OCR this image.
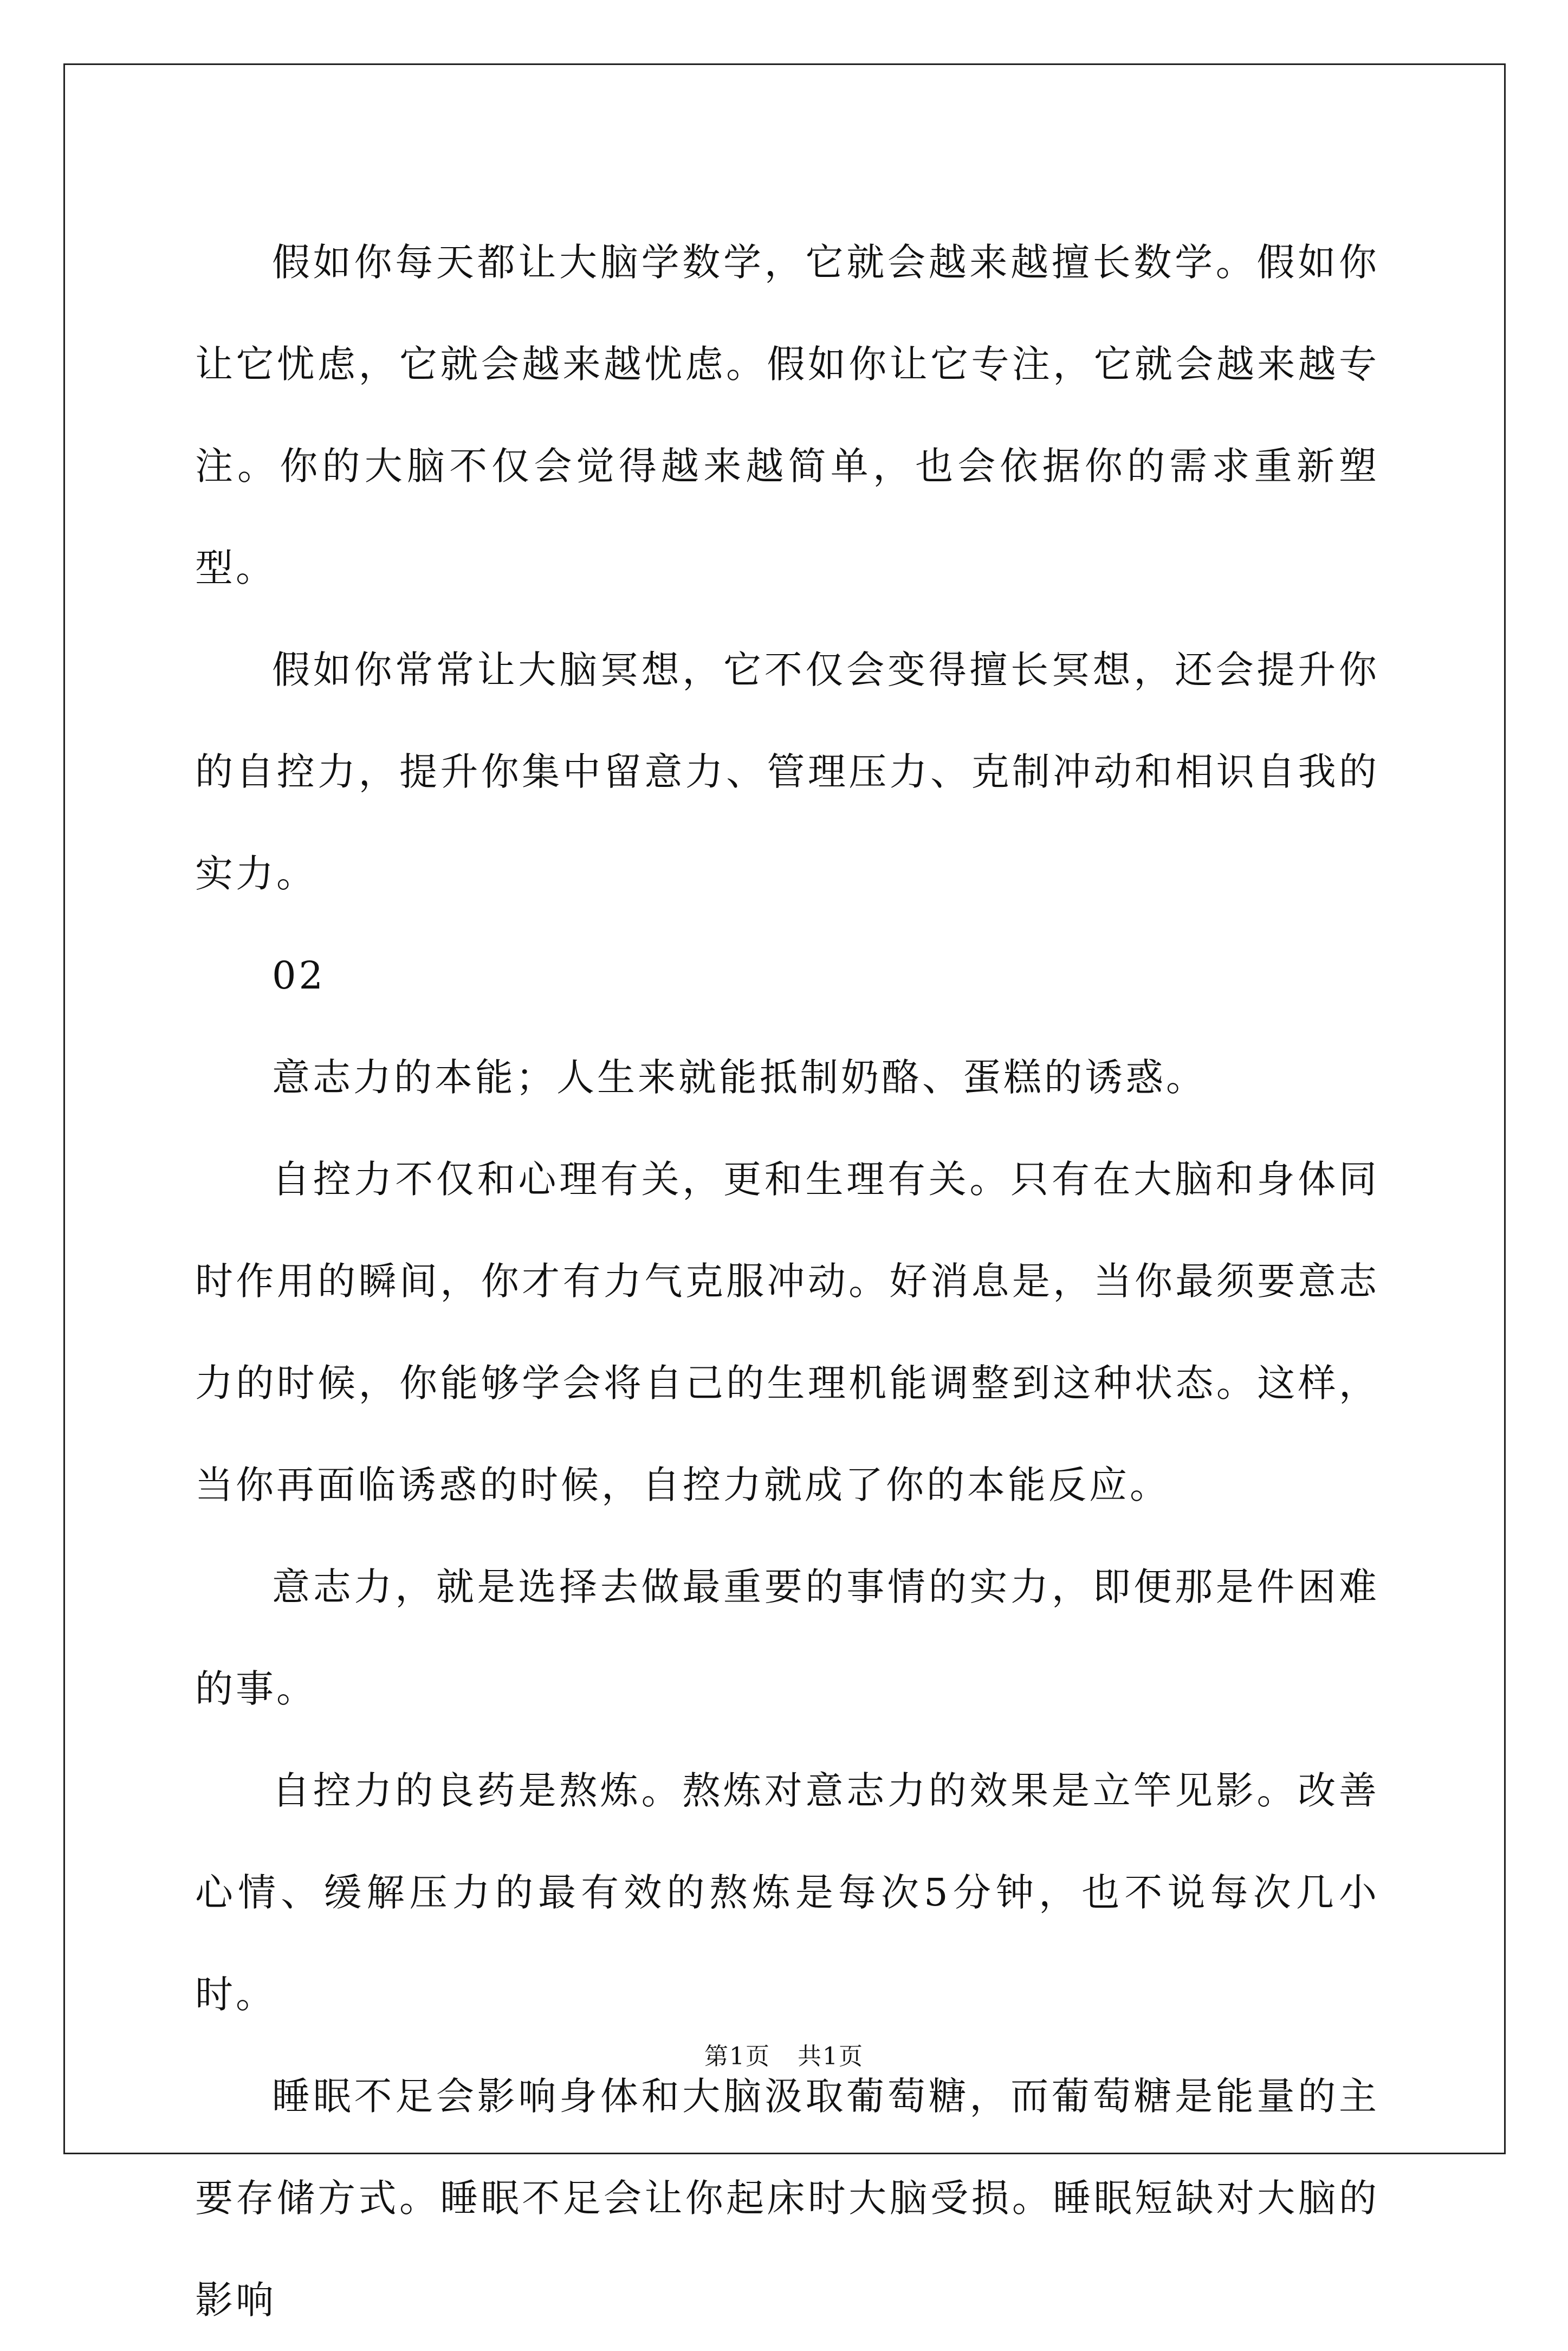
假如你每天都让大脑学数学，它就会越来越擅长数学。假如你让它忧虑，它就会越来越忧虑。假如你让它专注，它就会越来越专注。你的大脑不仅会觉得越来越简单，也会依据你的需求重新塑型。

假如你常常让大脑冥想，它不仅会变得擅长冥想，还会提升你的自控力，提升你集中留意力、管理压力、克制冲动和相识自我的实力。

02

意志力的本能；人生来就能抵制奶酪、蛋糕的诱惑。

自控力不仅和心理有关，更和生理有关。只有在大脑和身体同时作用的瞬间，你才有力气克服冲动。好消息是，当你最须要意志力的时候，你能够学会将自己的生理机能调整到这种状态。这样，当你再面临诱惑的时候，自控力就成了你的本能反应。

意志力，就是选择去做最重要的事情的实力，即便那是件困难的事。

自控力的良药是熬炼。熬炼对意志力的效果是立竿见影。改善心情、缓解压力的最有效的熬炼是每次5分钟，也不说每次几小时。

睡眠不足会影响身体和大脑汲取葡萄糖，而葡萄糖是能量的主要存储方式。睡眠不足会让你起床时大脑受损。睡眠短缺对大脑的影响

第1页 共1页
